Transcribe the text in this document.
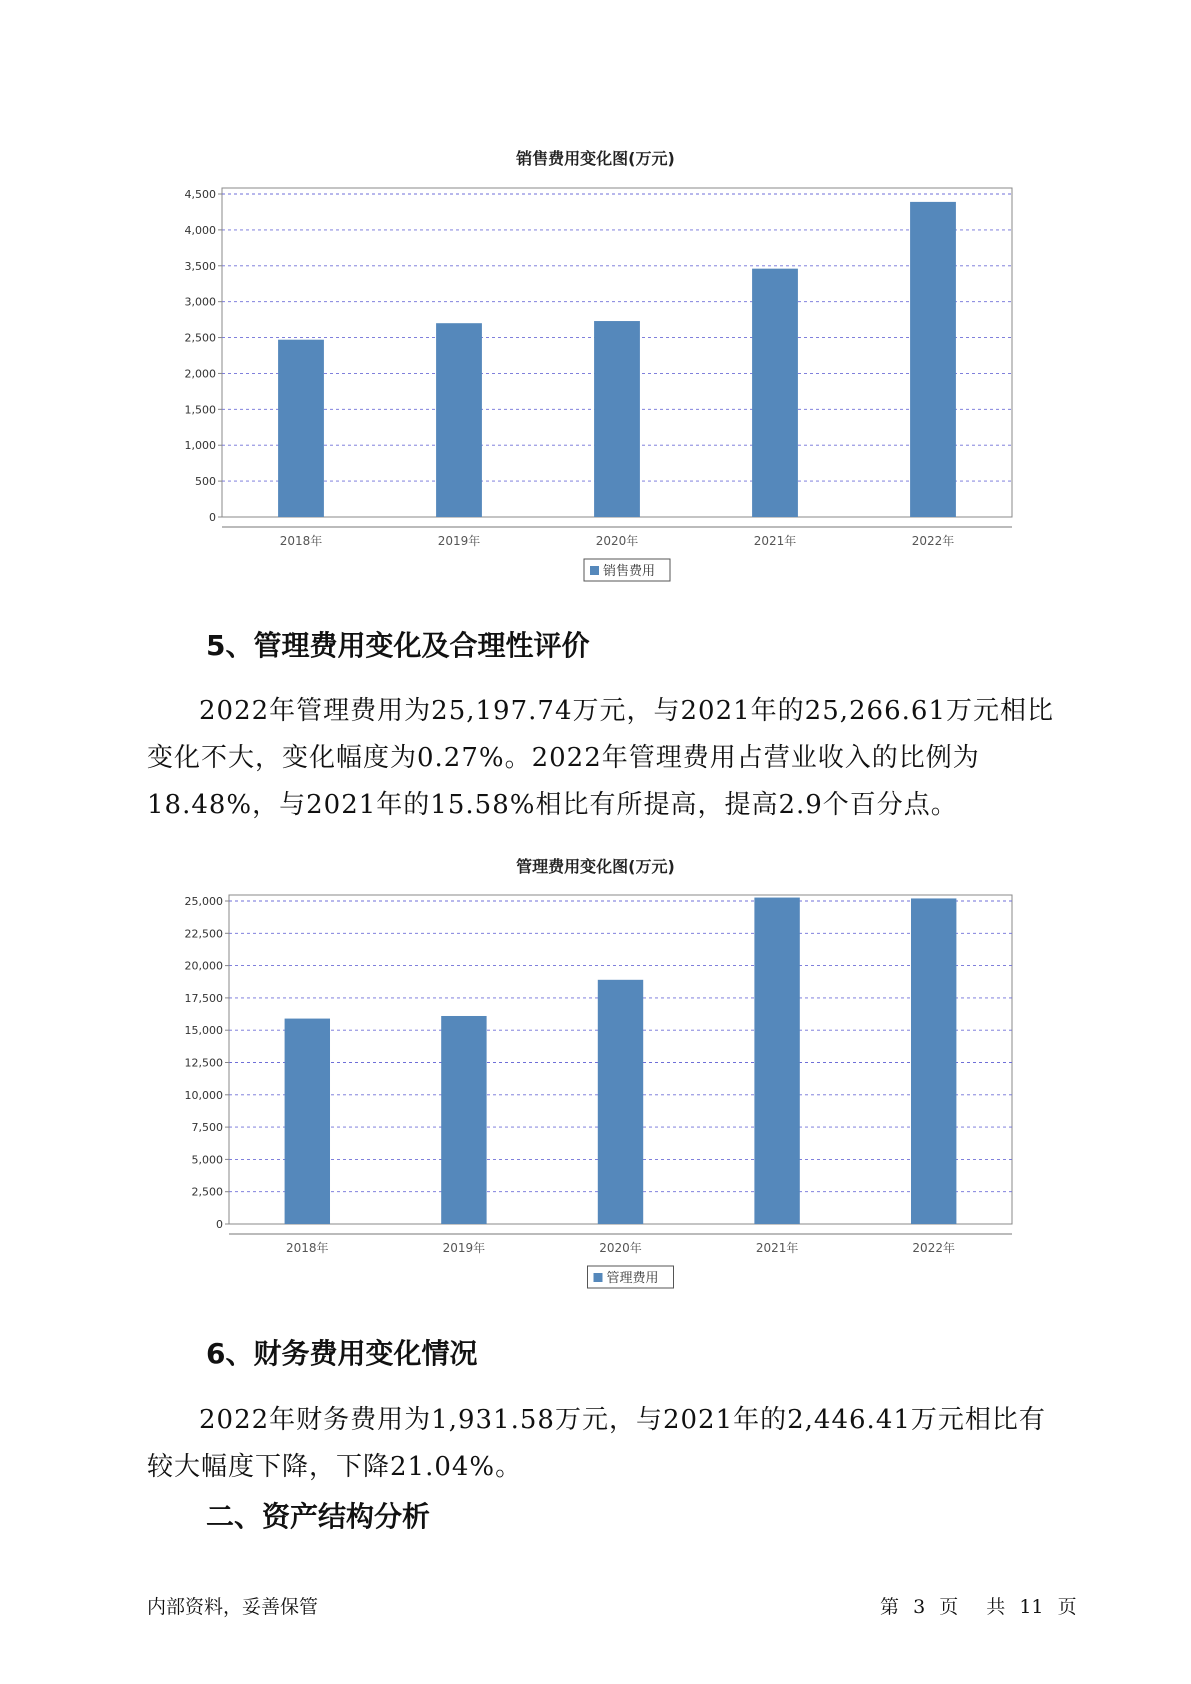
销售费用变化图(万元)
0
500
1,000
1,500
2,000
2,500
3,000
3,500
4,000
4,500
2018年	2019年	2020年	2021年	2022年
销售费用
5、管理费用变化及合理性评价

2022年管理费用为25,197.74万元，与2021年的25,266.61万元相比变化不大，变化幅度为0.27%。2022年管理费用占营业收入的比例为18.48%，与2021年的15.58%相比有所提高，提高2.9个百分点。

管理费用变化图(万元)
0
2,500
5,000
7,500
10,000
12,500
15,000
17,500
20,000
22,500
25,000
2018年	2019年	2020年	2021年	2022年
管理费用
6、财务费用变化情况

2022年财务费用为1,931.58万元，与2021年的2,446.41万元相比有较大幅度下降，下降21.04%。

二、资产结构分析
内部资料，妥善保管	第 3 页 共 11 页
